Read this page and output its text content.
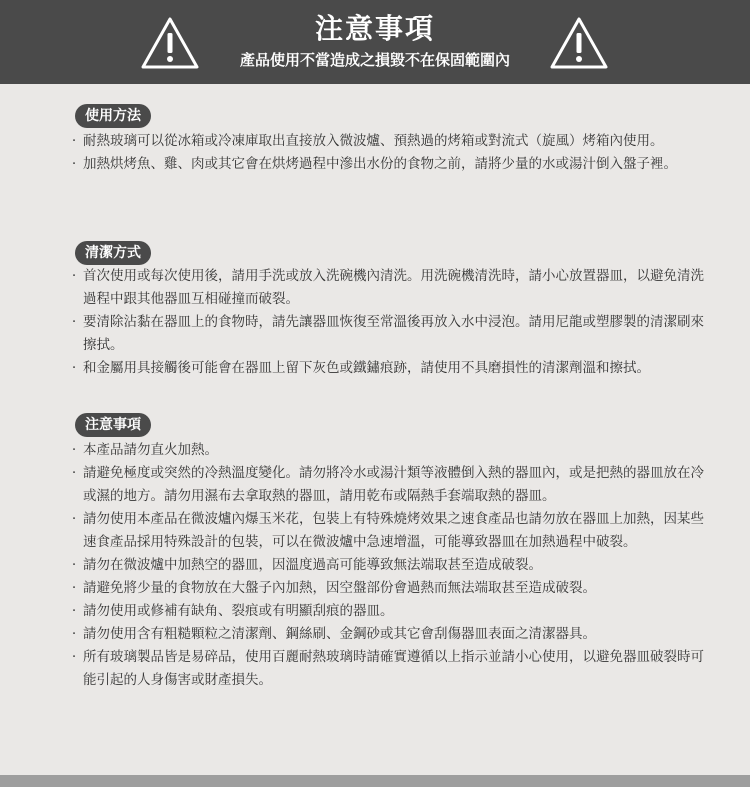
注意事項
產品使用不當造成之損毀不在保固範圍內
使用方法
‧ 耐熱玻璃可以從冰箱或冷凍庫取出直接放入微波爐、預熱過的烤箱或對流式（旋風）烤箱內使用。
‧ 加熱烘烤魚、雞、肉或其它會在烘烤過程中滲出水份的食物之前，請將少量的水或湯汁倒入盤子裡。
清潔方式
‧ 首次使用或每次使用後，請用手洗或放入洗碗機內清洗。用洗碗機清洗時，請小心放置器皿，以避免清洗過程中跟其他器皿互相碰撞而破裂。
‧ 要清除沾黏在器皿上的食物時，請先讓器皿恢復至常溫後再放入水中浸泡。請用尼龍或塑膠製的清潔刷來擦拭。
‧ 和金屬用具接觸後可能會在器皿上留下灰色或鐵鏽痕跡，請使用不具磨損性的清潔劑溫和擦拭。
注意事項
‧ 本產品請勿直火加熱。
‧ 請避免極度或突然的冷熱溫度變化。請勿將冷水或湯汁類等液體倒入熱的器皿內，或是把熱的器皿放在冷或濕的地方。請勿用濕布去拿取熱的器皿，請用乾布或隔熱手套端取熱的器皿。
‧ 請勿使用本產品在微波爐內爆玉米花，包裝上有特殊燒烤效果之速食產品也請勿放在器皿上加熱，因某些速食產品採用特殊設計的包裝，可以在微波爐中急速增溫，可能導致器皿在加熱過程中破裂。
‧ 請勿在微波爐中加熱空的器皿，因溫度過高可能導致無法端取甚至造成破裂。
‧ 請避免將少量的食物放在大盤子內加熱，因空盤部份會過熱而無法端取甚至造成破裂。
‧ 請勿使用或修補有缺角、裂痕或有明顯刮痕的器皿。
‧ 請勿使用含有粗糙顆粒之清潔劑、鋼絲刷、金鋼砂或其它會刮傷器皿表面之清潔器具。
‧ 所有玻璃製品皆是易碎品，使用百麗耐熱玻璃時請確實遵循以上指示並請小心使用，以避免器皿破裂時可能引起的人身傷害或財產損失。
